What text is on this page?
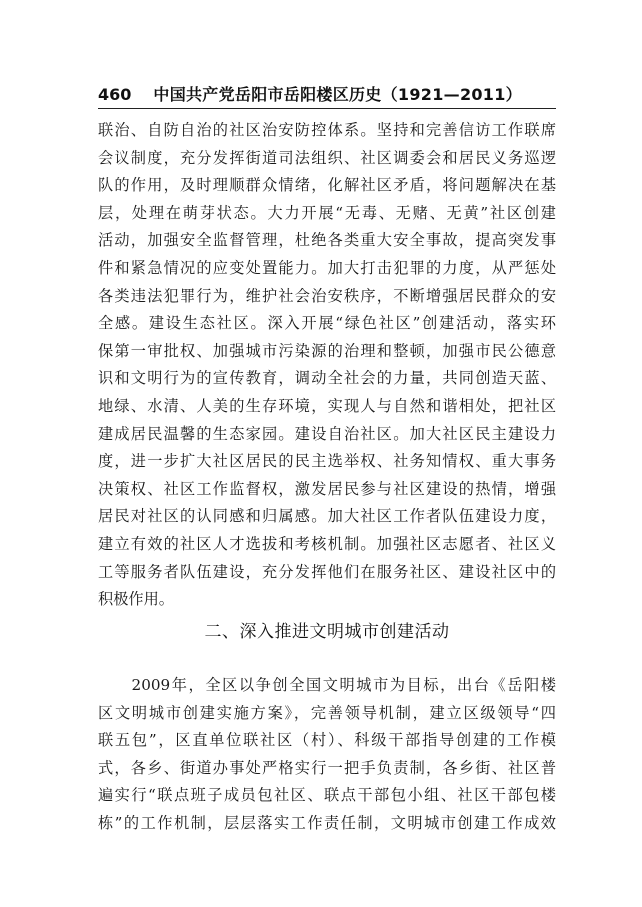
460 中国共产党岳阳市岳阳楼区历史（1921—2011）
联治、自防自治的社区治安防控体系。坚持和完善信访工作联席
会议制度，充分发挥街道司法组织、社区调委会和居民义务巡逻
队的作用，及时理顺群众情绪，化解社区矛盾，将问题解决在基
层，处理在萌芽状态。大力开展“无毒、无赌、无黄”社区创建
活动，加强安全监督管理，杜绝各类重大安全事故，提高突发事
件和紧急情况的应变处置能力。加大打击犯罪的力度，从严惩处
各类违法犯罪行为，维护社会治安秩序，不断增强居民群众的安
全感。建设生态社区。深入开展“绿色社区”创建活动，落实环
保第一审批权、加强城市污染源的治理和整顿，加强市民公德意
识和文明行为的宣传教育，调动全社会的力量，共同创造天蓝、
地绿、水清、人美的生存环境，实现人与自然和谐相处，把社区
建成居民温馨的生态家园。建设自治社区。加大社区民主建设力
度，进一步扩大社区居民的民主选举权、社务知情权、重大事务
决策权、社区工作监督权，激发居民参与社区建设的热情，增强
居民对社区的认同感和归属感。加大社区工作者队伍建设力度，
建立有效的社区人才选拔和考核机制。加强社区志愿者、社区义
工等服务者队伍建设，充分发挥他们在服务社区、建设社区中的
积极作用。
二、深入推进文明城市创建活动
　　2009年，全区以争创全国文明城市为目标，出台《岳阳楼
区文明城市创建实施方案》，完善领导机制，建立区级领导“四
联五包”，区直单位联社区（村）、科级干部指导创建的工作模
式，各乡、街道办事处严格实行一把手负责制，各乡街、社区普
遍实行“联点班子成员包社区、联点干部包小组、社区干部包楼
栋”的工作机制，层层落实工作责任制，文明城市创建工作成效
